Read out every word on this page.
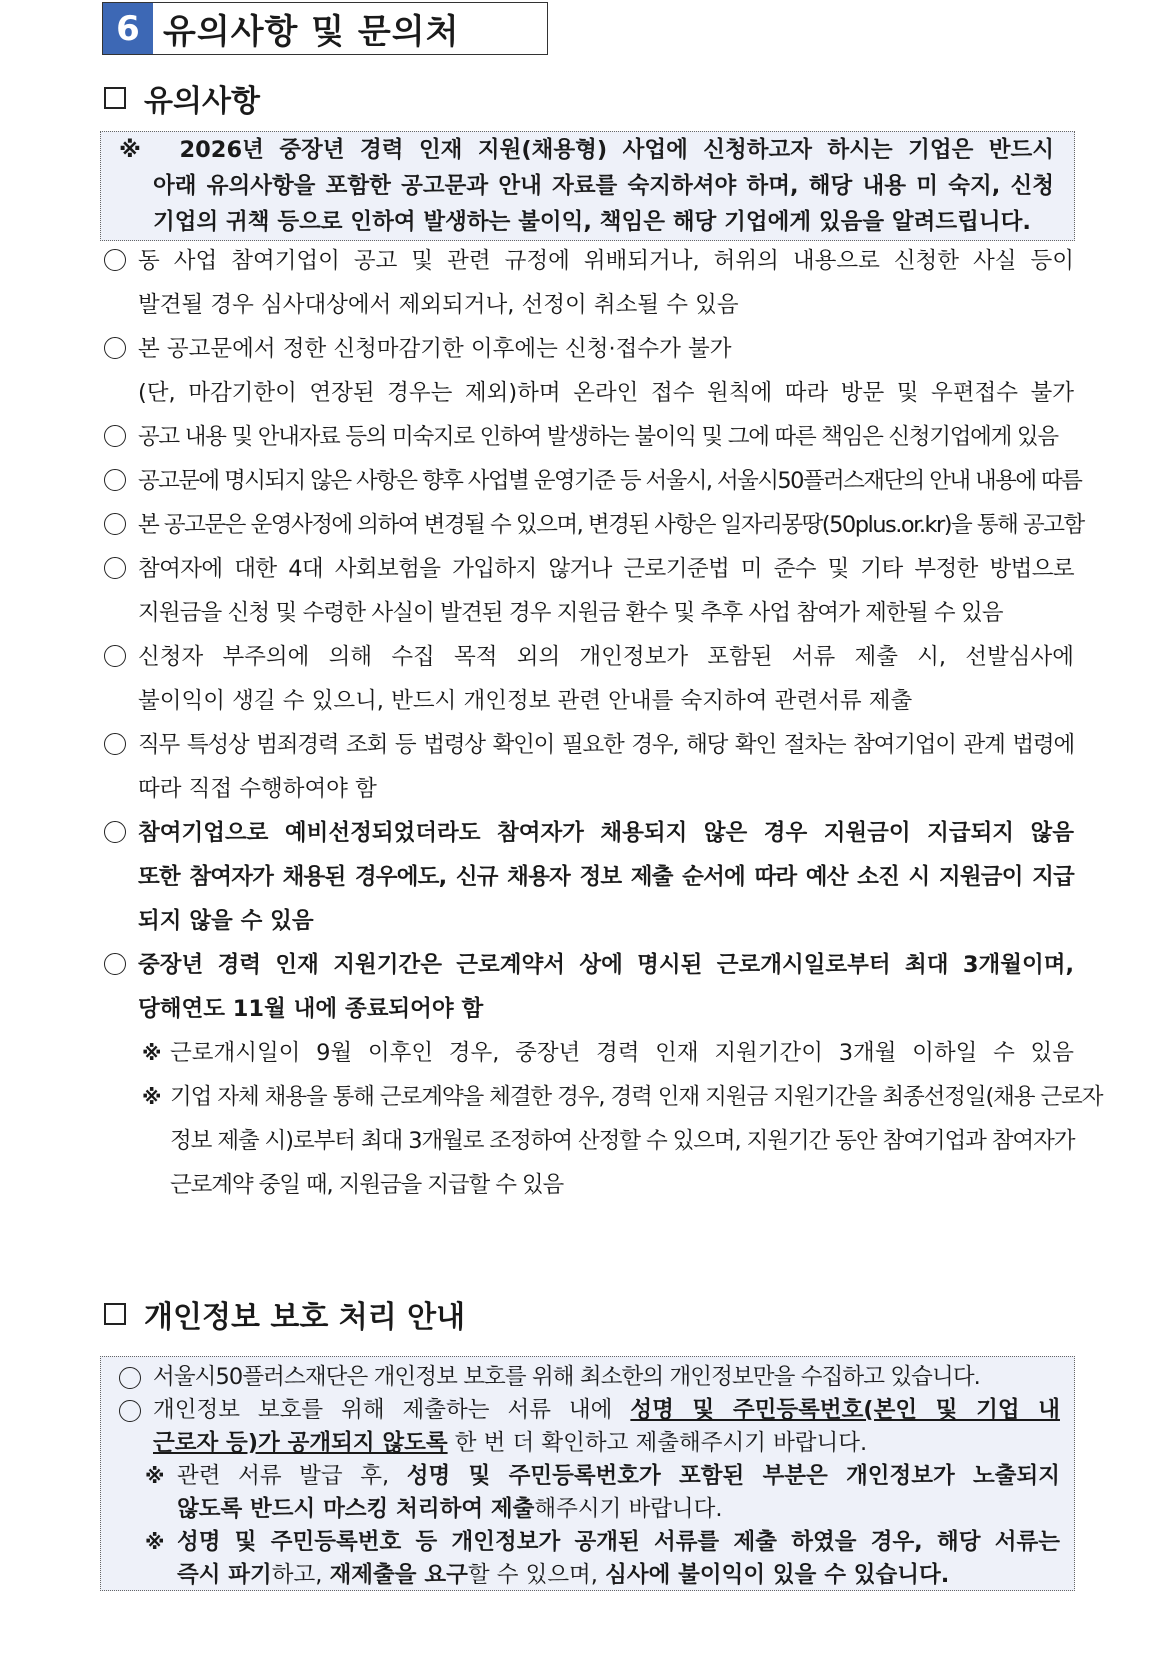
6 유의사항 및 문의처
유의사항
※ 2026년 중장년 경력 인재 지원(채용형) 사업에 신청하고자 하시는 기업은 반드시
아래 유의사항을 포함한 공고문과 안내 자료를 숙지하셔야 하며, 해당 내용 미 숙지, 신청
기업의 귀책 등으로 인하여 발생하는 불이익, 책임은 해당 기업에게 있음을 알려드립니다.
동 사업 참여기업이 공고 및 관련 규정에 위배되거나, 허위의 내용으로 신청한 사실 등이
발견될 경우 심사대상에서 제외되거나, 선정이 취소될 수 있음
본 공고문에서 정한 신청마감기한 이후에는 신청·접수가 불가
(단, 마감기한이 연장된 경우는 제외)하며 온라인 접수 원칙에 따라 방문 및 우편접수 불가
공고 내용 및 안내자료 등의 미숙지로 인하여 발생하는 불이익 및 그에 따른 책임은 신청기업에게 있음
공고문에 명시되지 않은 사항은 향후 사업별 운영기준 등 서울시, 서울시50플러스재단의 안내 내용에 따름
본 공고문은 운영사정에 의하여 변경될 수 있으며, 변경된 사항은 일자리몽땅(50plus.or.kr)을 통해 공고함
참여자에 대한 4대 사회보험을 가입하지 않거나 근로기준법 미 준수 및 기타 부정한 방법으로
지원금을 신청 및 수령한 사실이 발견된 경우 지원금 환수 및 추후 사업 참여가 제한될 수 있음
신청자 부주의에 의해 수집 목적 외의 개인정보가 포함된 서류 제출 시, 선발심사에
불이익이 생길 수 있으니, 반드시 개인정보 관련 안내를 숙지하여 관련서류 제출
직무 특성상 범죄경력 조회 등 법령상 확인이 필요한 경우, 해당 확인 절차는 참여기업이 관계 법령에
따라 직접 수행하여야 함
참여기업으로 예비선정되었더라도 참여자가 채용되지 않은 경우 지원금이 지급되지 않음
또한 참여자가 채용된 경우에도, 신규 채용자 정보 제출 순서에 따라 예산 소진 시 지원금이 지급
되지 않을 수 있음
중장년 경력 인재 지원기간은 근로계약서 상에 명시된 근로개시일로부터 최대 3개월이며,
당해연도 11월 내에 종료되어야 함
※ 근로개시일이 9월 이후인 경우, 중장년 경력 인재 지원기간이 3개월 이하일 수 있음
※ 기업 자체 채용을 통해 근로계약을 체결한 경우, 경력 인재 지원금 지원기간을 최종선정일(채용 근로자
정보 제출 시)로부터 최대 3개월로 조정하여 산정할 수 있으며, 지원기간 동안 참여기업과 참여자가
근로계약 중일 때, 지원금을 지급할 수 있음
개인정보 보호 처리 안내
서울시50플러스재단은 개인정보 보호를 위해 최소한의 개인정보만을 수집하고 있습니다.
개인정보 보호를 위해 제출하는 서류 내에 성명 및 주민등록번호(본인 및 기업 내
근로자 등)가 공개되지 않도록 한 번 더 확인하고 제출해주시기 바랍니다.
※ 관련 서류 발급 후, 성명 및 주민등록번호가 포함된 부분은 개인정보가 노출되지
않도록 반드시 마스킹 처리하여 제출해주시기 바랍니다.
※ 성명 및 주민등록번호 등 개인정보가 공개된 서류를 제출 하였을 경우, 해당 서류는
즉시 파기하고, 재제출을 요구할 수 있으며, 심사에 불이익이 있을 수 있습니다.
